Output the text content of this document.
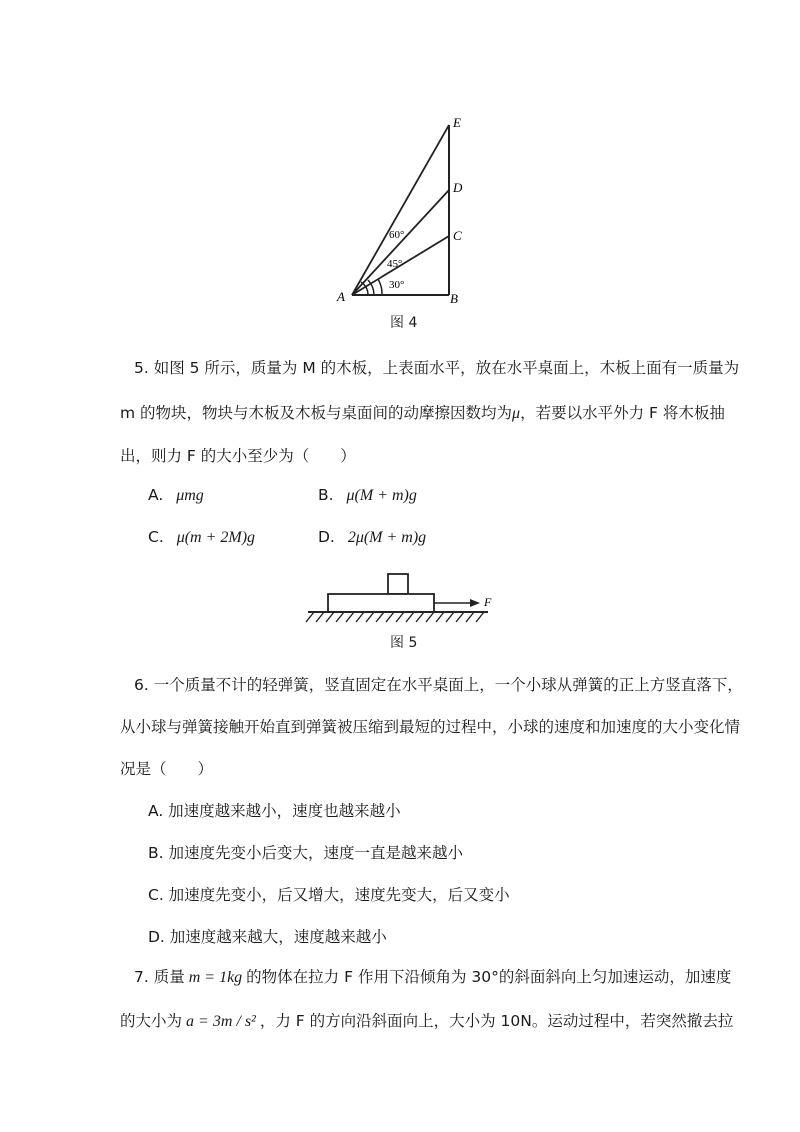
E
D
C
A	B
60°
45°
30°
图 4
5. 如图 5 所示，质量为 M 的木板，上表面水平，放在水平桌面上，木板上面有一质量为
m 的物块，物块与木板及木板与桌面间的动摩擦因数均为μ，若要以水平外力 F 将木板抽
出，则力 F 的大小至少为（　　）
A. μmg	B. μ(M + m)g
C. μ(m + 2M)g	D. 2μ(M + m)g
F
图 5
6. 一个质量不计的轻弹簧，竖直固定在水平桌面上，一个小球从弹簧的正上方竖直落下，
从小球与弹簧接触开始直到弹簧被压缩到最短的过程中，小球的速度和加速度的大小变化情
况是（　　）
A. 加速度越来越小，速度也越来越小
B. 加速度先变小后变大，速度一直是越来越小
C. 加速度先变小，后又增大，速度先变大，后又变小
D. 加速度越来越大，速度越来越小
7. 质量 m = 1kg 的物体在拉力 F 作用下沿倾角为 30°的斜面斜向上匀加速运动，加速度
的大小为 a = 3m / s² ，力 F 的方向沿斜面向上，大小为 10N。运动过程中，若突然撤去拉
